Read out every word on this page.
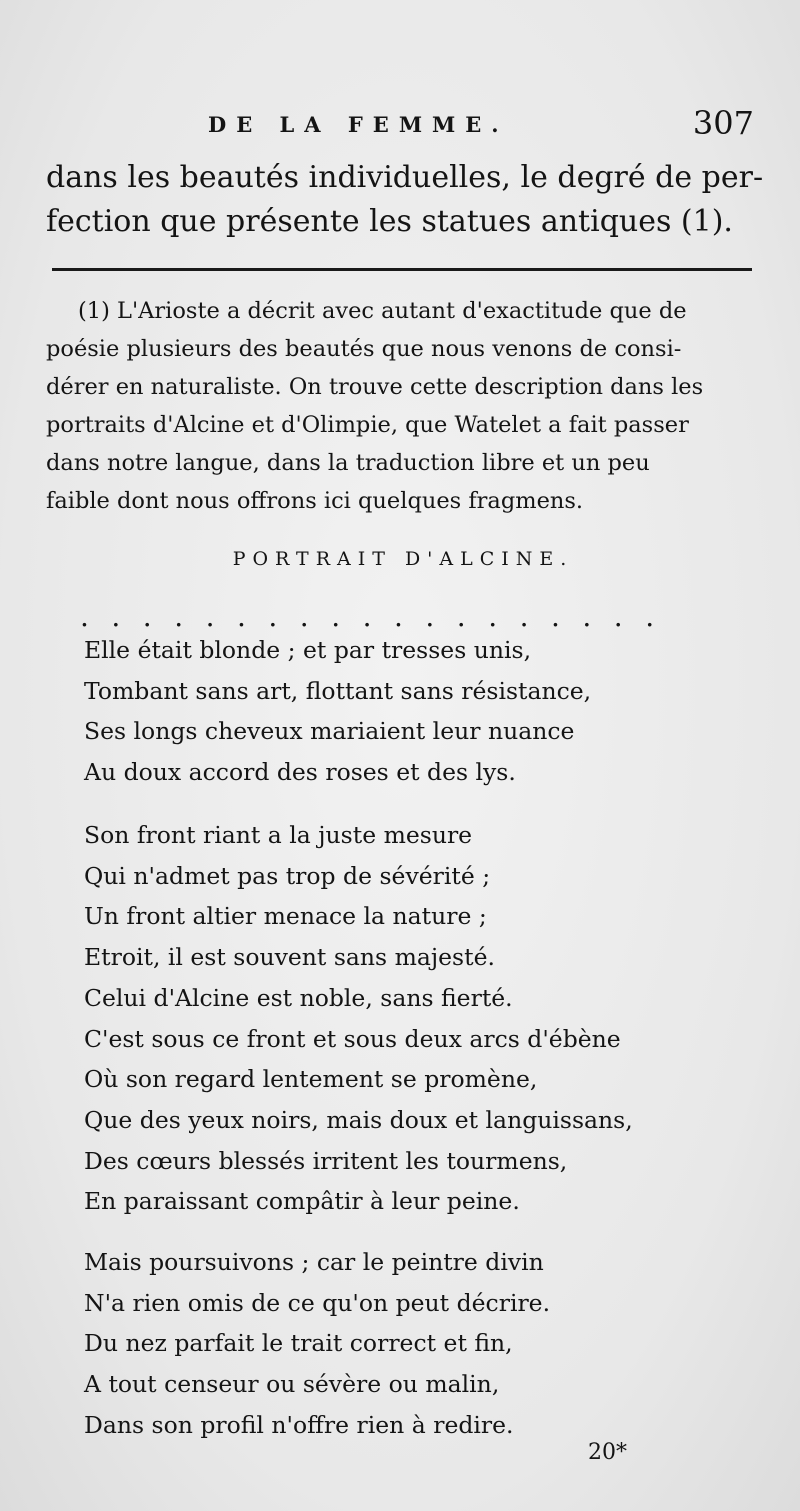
DE LA FEMME.	307
dans les beautés individuelles, le degré de per-
fection que présente les statues antiques (1).
(1) L'Arioste a décrit avec autant d'exactitude que de
poésie plusieurs des beautés que nous venons de consi-
dérer en naturaliste. On trouve cette description dans les
portraits d'Alcine et d'Olimpie, que Watelet a fait passer
dans notre langue, dans la traduction libre et un peu
faible dont nous offrons ici quelques fragmens.
PORTRAIT D'ALCINE.
...................
Elle était blonde ; et par tresses unis,
Tombant sans art, flottant sans résistance,
Ses longs cheveux mariaient leur nuance
Au doux accord des roses et des lys.
Son front riant a la juste mesure
Qui n'admet pas trop de sévérité ;
Un front altier menace la nature ;
Etroit, il est souvent sans majesté.
Celui d'Alcine est noble, sans fierté.
C'est sous ce front et sous deux arcs d'ébène
Où son regard lentement se promène,
Que des yeux noirs, mais doux et languissans,
Des cœurs blessés irritent les tourmens,
En paraissant compâtir à leur peine.
Mais poursuivons ; car le peintre divin
N'a rien omis de ce qu'on peut décrire.
Du nez parfait le trait correct et fin,
A tout censeur ou sévère ou malin,
Dans son profil n'offre rien à redire.
20*
